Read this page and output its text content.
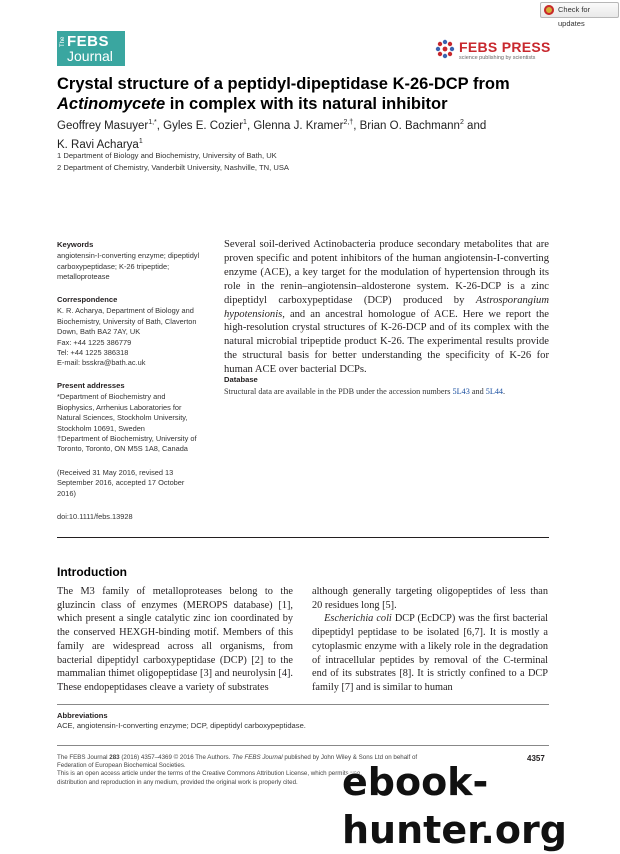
Check for updates
The FEBS
Journal
FEBS PRESS
science publishing by scientists
Crystal structure of a peptidyl-dipeptidase K-26-DCP from
Actinomycete in complex with its natural inhibitor
Geoffrey Masuyer$^{1,*}$, Gyles E. Cozier$^1$, Glenna J. Kramer$^{2,\dagger}$, Brian O. Bachmann$^2$ and
K. Ravi Acharya$^1$
1 Department of Biology and Biochemistry, University of Bath, UK
2 Department of Chemistry, Vanderbilt University, Nashville, TN, USA
Keywords
angiotensin-I-converting enzyme; dipeptidyl
carboxypeptidase; K-26 tripeptide;
metalloprotease
Correspondence
K. R. Acharya, Department of Biology and
Biochemistry, University of Bath, Claverton
Down, Bath BA2 7AY, UK
Fax: +44 1225 386779
Tel: +44 1225 386318
E-mail: bsskra@bath.ac.uk
Present addresses
*Department of Biochemistry and
Biophysics, Arrhenius Laboratories for
Natural Sciences, Stockholm University,
Stockholm 10691, Sweden
†Department of Biochemistry, University of
Toronto, Toronto, ON M5S 1A8, Canada
(Received 31 May 2016, revised 13
September 2016, accepted 17 October
2016)
doi:10.1111/febs.13928
Several soil-derived Actinobacteria produce secondary metabolites that are proven specific and potent inhibitors of the human angiotensin-I-converting enzyme (ACE), a key target for the modulation of hypertension through its role in the renin–angiotensin–aldosterone system. K-26-DCP is a zinc dipeptidyl carboxypeptidase (DCP) produced by Astrosporangium hypotensionis, and an ancestral homologue of ACE. Here we report the high-resolution crystal structures of K-26-DCP and of its complex with the natural microbial tripeptide product K-26. The experimental results provide the structural basis for better understanding the specificity of K-26 for human ACE over bacterial DCPs.
Database
Structural data are available in the PDB under the accession numbers 5L43 and 5L44.
Introduction
The M3 family of metalloproteases belong to the gluzincin class of enzymes (MEROPS database) [1], which present a single catalytic zinc ion coordinated by the conserved HEXGH-binding motif. Members of this family are widespread across all organisms, from bacterial dipeptidyl carboxypeptidase (DCP) [2] to the mammalian thimet oligopeptidase [3] and neurolysin [4]. These endopeptidases cleave a variety of substrates
although generally targeting oligopeptides of less than 20 residues long [5].
Escherichia coli DCP (EcDCP) was the first bacterial dipeptidyl peptidase to be isolated [6,7]. It is mostly a cytoplasmic enzyme with a likely role in the degradation of intracellular peptides by removal of the C-terminal end of its substrates [8]. It is strictly confined to a DCP family [7] and is similar to human
Abbreviations
ACE, angiotensin-I-converting enzyme; DCP, dipeptidyl carboxypeptidase.
The FEBS Journal 283 (2016) 4357–4369 © 2016 The Authors. The FEBS Journal published by John Wiley & Sons Ltd on behalf of
Federation of European Biochemical Societies.
This is an open access article under the terms of the Creative Commons Attribution License, which permits use,
distribution and reproduction in any medium, provided the original work is properly cited.
4357
ebook-hunter.org
